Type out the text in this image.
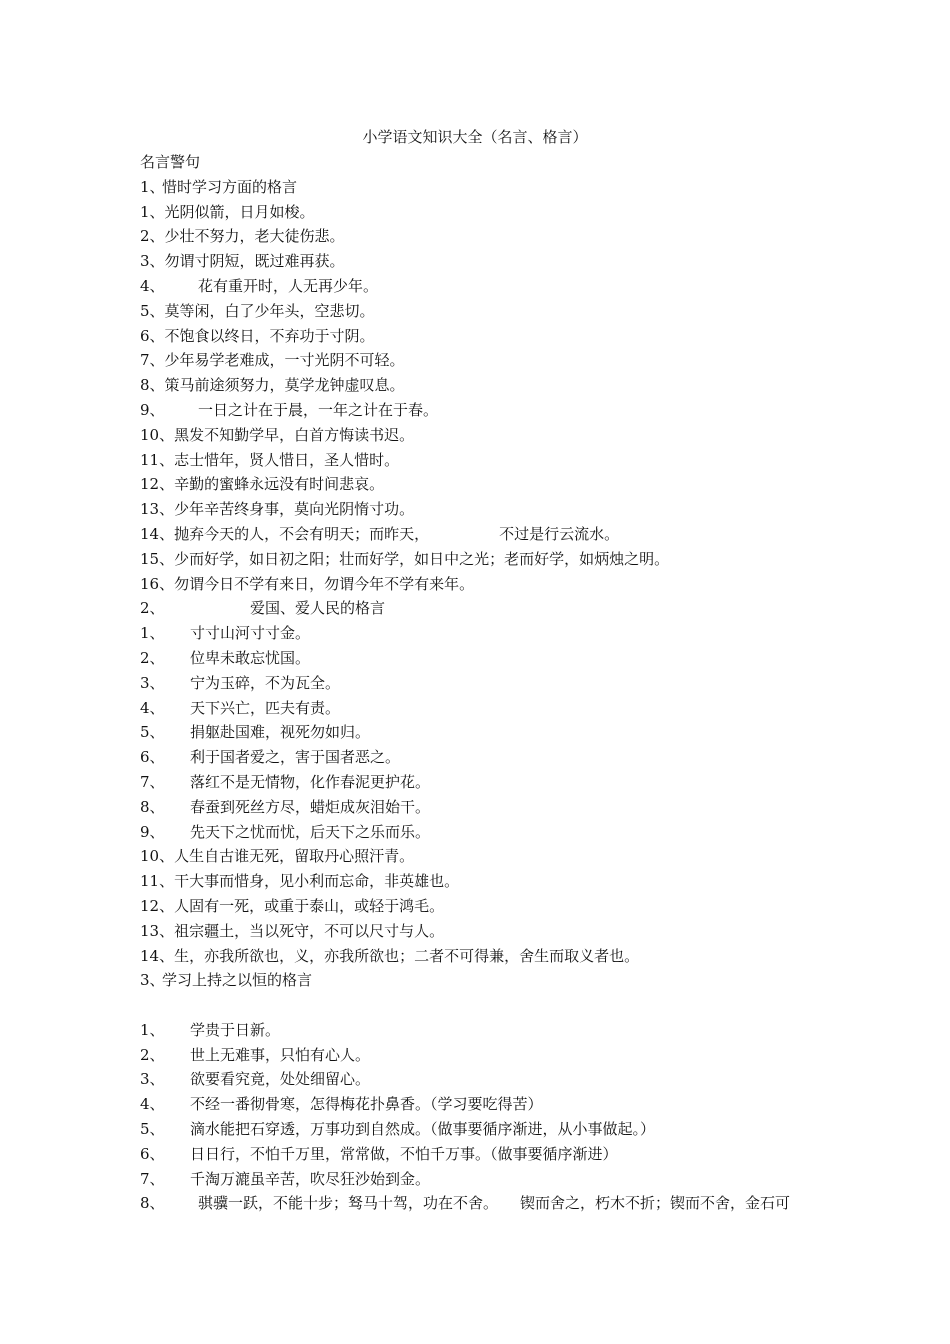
小学语文知识大全（名言、格言）
名言警句
1、惜时学习方面的格言
1、光阴似箭，日月如梭。
2、少壮不努力，老大徒伤悲。
3、勿谓寸阴短，既过难再获。
4、 花有重开时，人无再少年。
5、莫等闲，白了少年头，空悲切。
6、不饱食以终日，不弃功于寸阴。
7、少年易学老难成，一寸光阴不可轻。
8、策马前途须努力，莫学龙钟虚叹息。
9、 一日之计在于晨，一年之计在于春。
10、黑发不知勤学早，白首方悔读书迟。
11、志士惜年，贤人惜日，圣人惜时。
12、辛勤的蜜蜂永远没有时间悲哀。
13、少年辛苦终身事，莫向光阴惰寸功。
14、抛弃今天的人，不会有明天；而昨天，	不过是行云流水。
15、少而好学，如日初之阳；壮而好学，如日中之光；老而好学，如炳烛之明。
16、勿谓今日不学有来日，勿谓今年不学有来年。
2、	爱国、爱人民的格言
1、 寸寸山河寸寸金。
2、 位卑未敢忘忧国。
3、 宁为玉碎，不为瓦全。
4、 天下兴亡，匹夫有责。
5、 捐躯赴国难，视死勿如归。
6、 利于国者爱之，害于国者恶之。
7、 落红不是无情物，化作春泥更护花。
8、 春蚕到死丝方尽，蜡炬成灰泪始干。
9、 先天下之忧而忧，后天下之乐而乐。
10、人生自古谁无死，留取丹心照汗青。
11、干大事而惜身，见小利而忘命，非英雄也。
12、人固有一死，或重于泰山，或轻于鸿毛。
13、祖宗疆土，当以死守，不可以尺寸与人。
14、生，亦我所欲也，义，亦我所欲也；二者不可得兼，舍生而取义者也。
3、学习上持之以恒的格言
1、 学贵于日新。
2、 世上无难事，只怕有心人。
3、 欲要看究竟，处处细留心。
4、 不经一番彻骨寒，怎得梅花扑鼻香。（学习要吃得苦）
5、 滴水能把石穿透，万事功到自然成。（做事要循序渐进，从小事做起。）
6、 日日行，不怕千万里，常常做，不怕千万事。（做事要循序渐进）
7、 千淘万漉虽辛苦，吹尽狂沙始到金。
8、 骐骥一跃，不能十步；驽马十驾，功在不舍。 锲而舍之，朽木不折；锲而不舍，金石可
